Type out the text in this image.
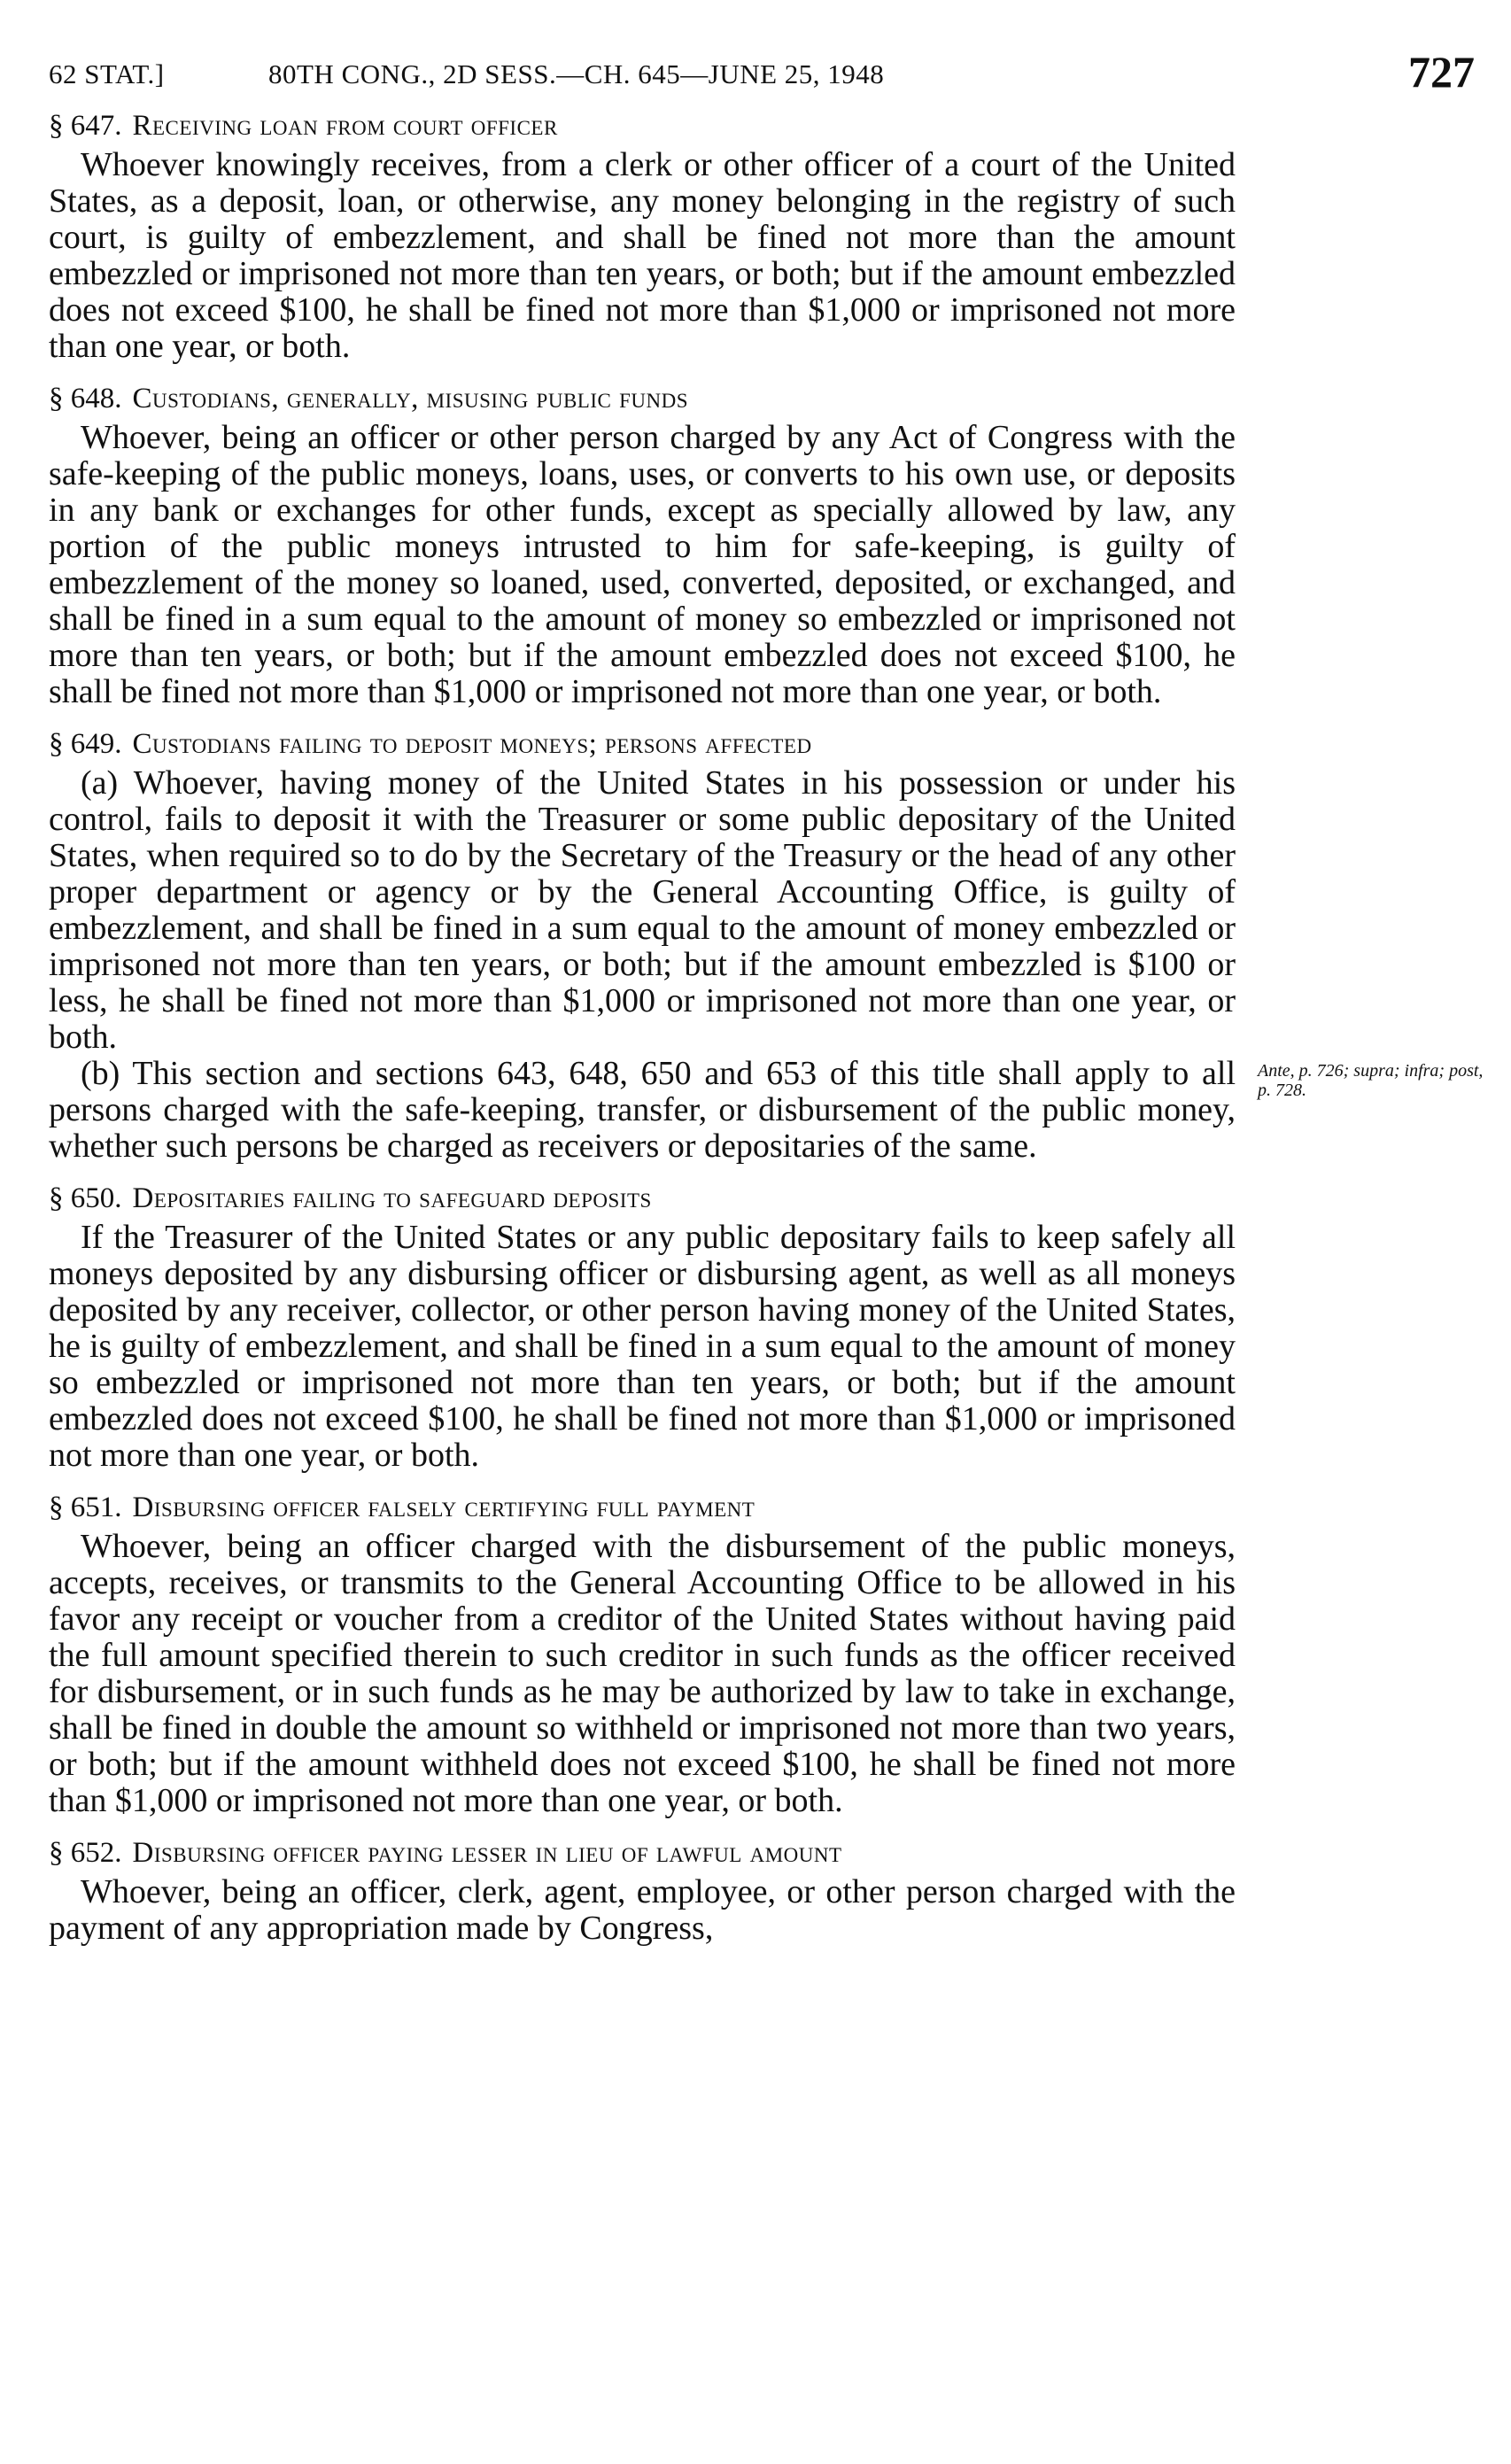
62 STAT.]	80TH CONG., 2D SESS.—CH. 645—JUNE 25, 1948	727
§ 647. Receiving loan from court officer

Whoever knowingly receives, from a clerk or other officer of a court of the United States, as a deposit, loan, or otherwise, any money belonging in the registry of such court, is guilty of embezzlement, and shall be fined not more than the amount embezzled or imprisoned not more than ten years, or both; but if the amount embezzled does not exceed $100, he shall be fined not more than $1,000 or imprisoned not more than one year, or both.

§ 648. Custodians, generally, misusing public funds

Whoever, being an officer or other person charged by any Act of Congress with the safe-keeping of the public moneys, loans, uses, or converts to his own use, or deposits in any bank or exchanges for other funds, except as specially allowed by law, any portion of the public moneys intrusted to him for safe-keeping, is guilty of embezzlement of the money so loaned, used, converted, deposited, or exchanged, and shall be fined in a sum equal to the amount of money so embezzled or imprisoned not more than ten years, or both; but if the amount embezzled does not exceed $100, he shall be fined not more than $1,000 or imprisoned not more than one year, or both.

§ 649. Custodians failing to deposit moneys; persons affected

(a) Whoever, having money of the United States in his possession or under his control, fails to deposit it with the Treasurer or some public depositary of the United States, when required so to do by the Secretary of the Treasury or the head of any other proper department or agency or by the General Accounting Office, is guilty of embezzlement, and shall be fined in a sum equal to the amount of money embezzled or imprisoned not more than ten years, or both; but if the amount embezzled is $100 or less, he shall be fined not more than $1,000 or imprisoned not more than one year, or both.

(b) This section and sections 643, 648, 650 and 653 of this title shall apply to all persons charged with the safe-keeping, transfer, or disbursement of the public money, whether such persons be charged as receivers or depositaries of the same.

Ante, p. 726; supra; infra; post, p. 728.
§ 650. Depositaries failing to safeguard deposits

If the Treasurer of the United States or any public depositary fails to keep safely all moneys deposited by any disbursing officer or disbursing agent, as well as all moneys deposited by any receiver, collector, or other person having money of the United States, he is guilty of embezzlement, and shall be fined in a sum equal to the amount of money so embezzled or imprisoned not more than ten years, or both; but if the amount embezzled does not exceed $100, he shall be fined not more than $1,000 or imprisoned not more than one year, or both.

§ 651. Disbursing officer falsely certifying full payment

Whoever, being an officer charged with the disbursement of the public moneys, accepts, receives, or transmits to the General Accounting Office to be allowed in his favor any receipt or voucher from a creditor of the United States without having paid the full amount specified therein to such creditor in such funds as the officer received for disbursement, or in such funds as he may be authorized by law to take in exchange, shall be fined in double the amount so withheld or imprisoned not more than two years, or both; but if the amount withheld does not exceed $100, he shall be fined not more than $1,000 or imprisoned not more than one year, or both.

§ 652. Disbursing officer paying lesser in lieu of lawful amount

Whoever, being an officer, clerk, agent, employee, or other person charged with the payment of any appropriation made by Congress,
